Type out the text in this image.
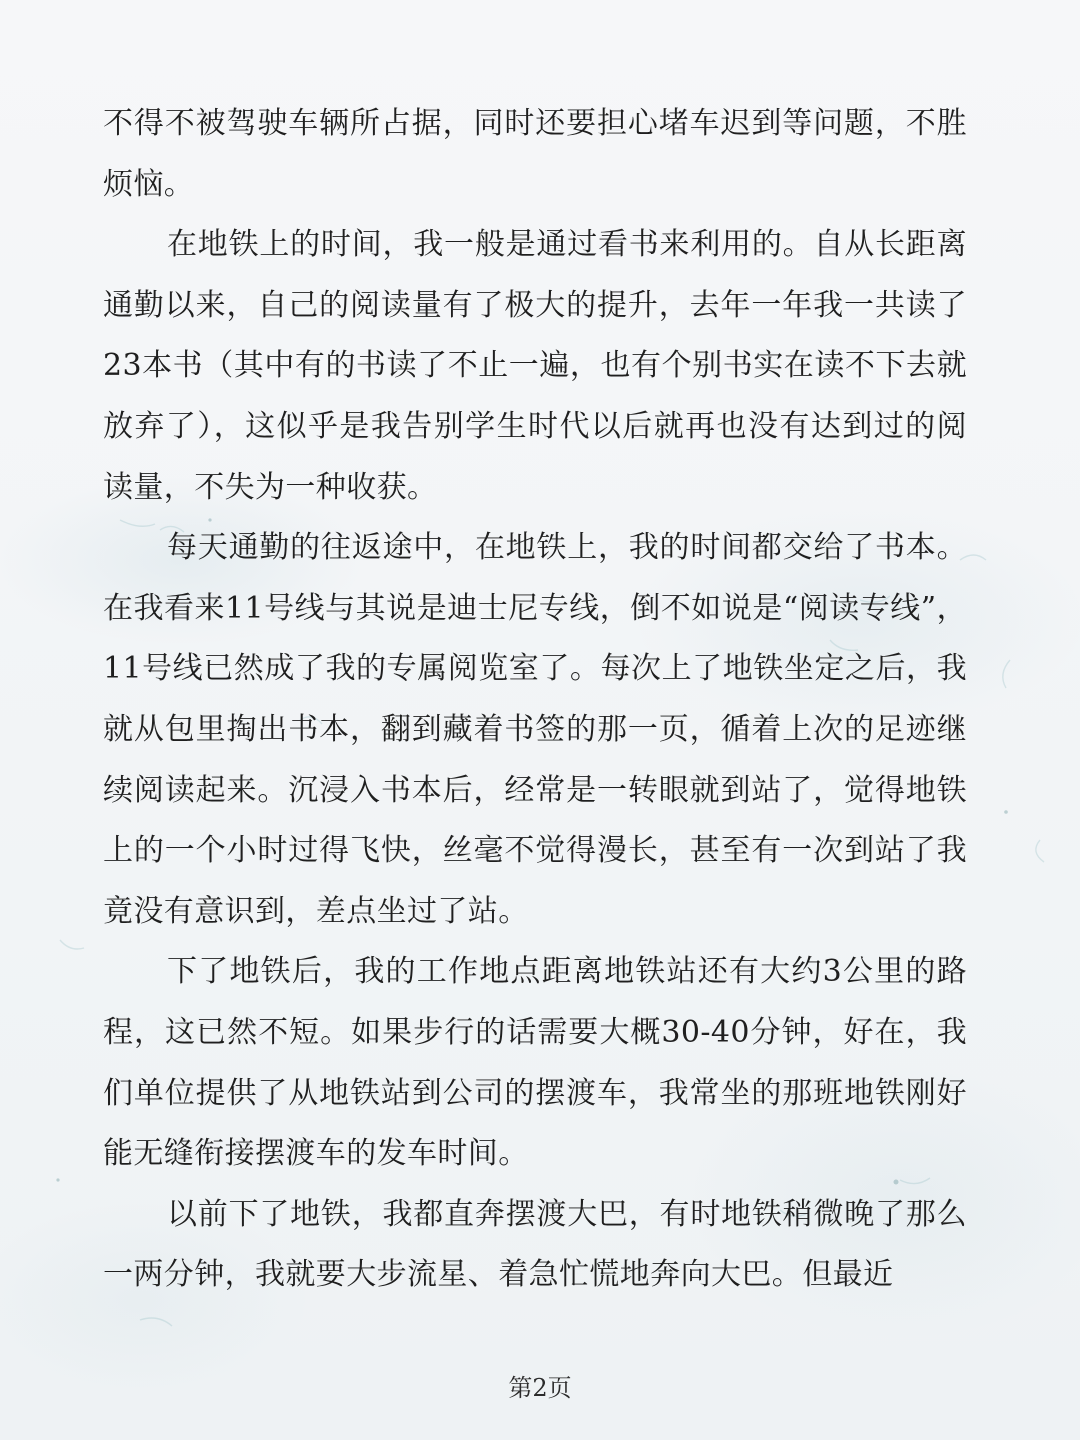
不得不被驾驶车辆所占据，同时还要担心堵车迟到等问题，不胜烦恼。

在地铁上的时间，我一般是通过看书来利用的。自从长距离通勤以来，自己的阅读量有了极大的提升，去年一年我一共读了23本书（其中有的书读了不止一遍，也有个别书实在读不下去就放弃了），这似乎是我告别学生时代以后就再也没有达到过的阅读量，不失为一种收获。

每天通勤的往返途中，在地铁上，我的时间都交给了书本。在我看来11号线与其说是迪士尼专线，倒不如说是“阅读专线”，11号线已然成了我的专属阅览室了。每次上了地铁坐定之后，我就从包里掏出书本，翻到藏着书签的那一页，循着上次的足迹继续阅读起来。沉浸入书本后，经常是一转眼就到站了，觉得地铁上的一个小时过得飞快，丝毫不觉得漫长，甚至有一次到站了我竟没有意识到，差点坐过了站。

下了地铁后，我的工作地点距离地铁站还有大约3公里的路程，这已然不短。如果步行的话需要大概30-40分钟，好在，我们单位提供了从地铁站到公司的摆渡车，我常坐的那班地铁刚好能无缝衔接摆渡车的发车时间。

以前下了地铁，我都直奔摆渡大巴，有时地铁稍微晚了那么一两分钟，我就要大步流星、着急忙慌地奔向大巴。但最近

第2页
